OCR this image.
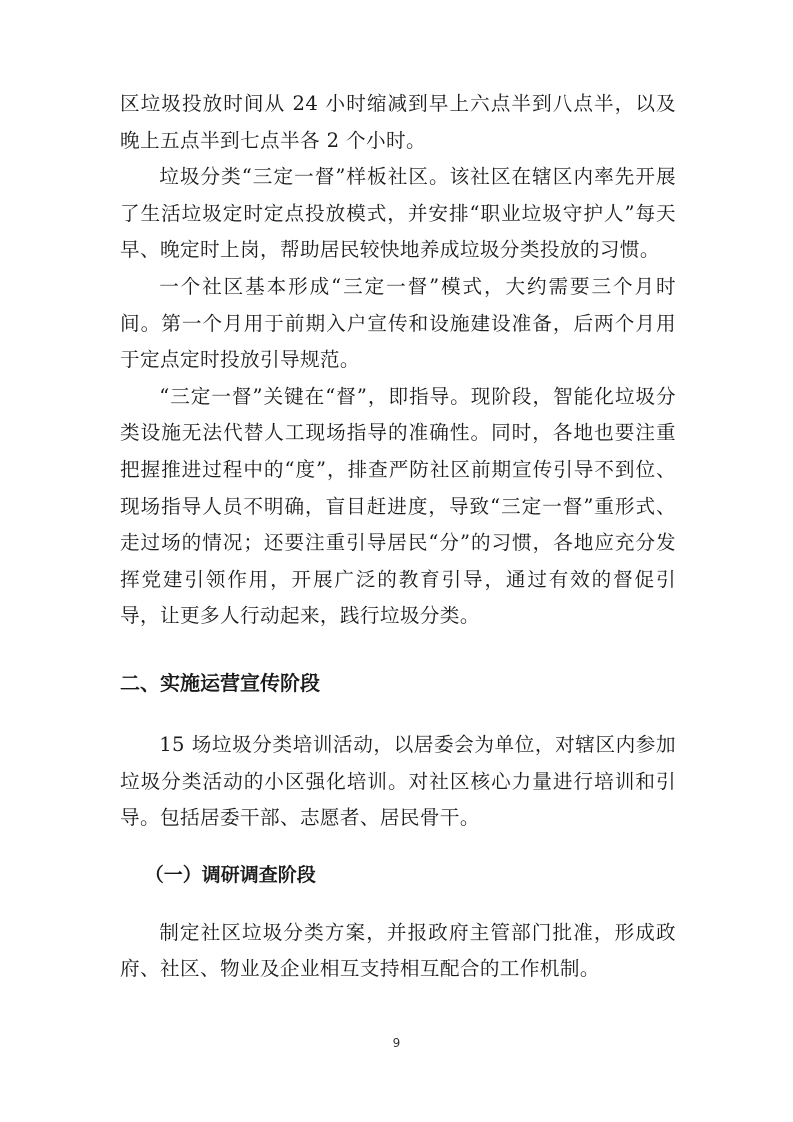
区垃圾投放时间从 24 小时缩减到早上六点半到八点半，以及晚上五点半到七点半各 2 个小时。

垃圾分类“三定一督”样板社区。该社区在辖区内率先开展了生活垃圾定时定点投放模式，并安排“职业垃圾守护人”每天早、晚定时上岗，帮助居民较快地养成垃圾分类投放的习惯。

一个社区基本形成“三定一督”模式，大约需要三个月时间。第一个月用于前期入户宣传和设施建设准备，后两个月用于定点定时投放引导规范。

“三定一督”关键在“督”，即指导。现阶段，智能化垃圾分类设施无法代替人工现场指导的准确性。同时，各地也要注重把握推进过程中的“度”，排查严防社区前期宣传引导不到位、现场指导人员不明确，盲目赶进度，导致“三定一督”重形式、走过场的情况；还要注重引导居民“分”的习惯，各地应充分发挥党建引领作用，开展广泛的教育引导，通过有效的督促引导，让更多人行动起来，践行垃圾分类。

二、实施运营宣传阶段

15 场垃圾分类培训活动，以居委会为单位，对辖区内参加垃圾分类活动的小区强化培训。对社区核心力量进行培训和引导。包括居委干部、志愿者、居民骨干。

（一）调研调查阶段

制定社区垃圾分类方案，并报政府主管部门批准，形成政府、社区、物业及企业相互支持相互配合的工作机制。

9
